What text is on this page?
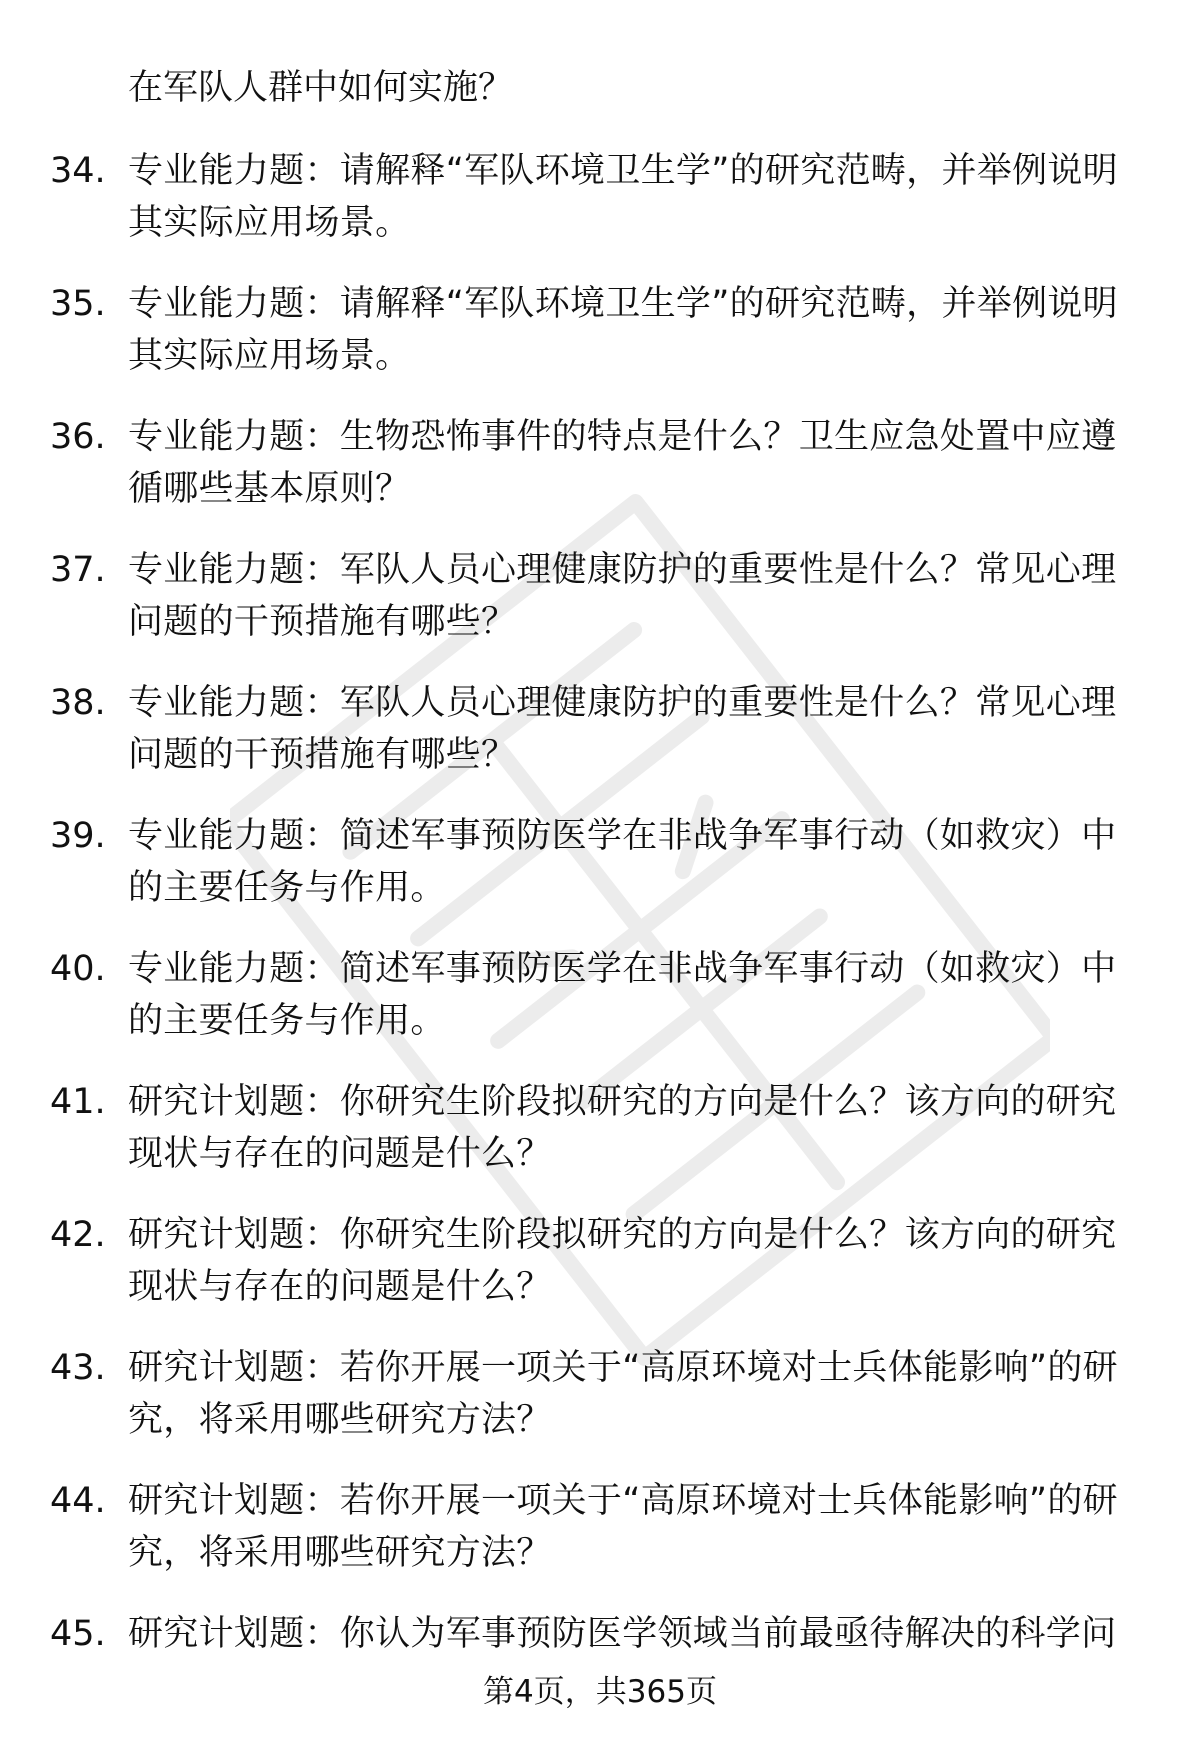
在军队人群中如何实施？
34. 专业能力题：请解释“军队环境卫生学”的研究范畴，并举例说明其实际应用场景。
35. 专业能力题：请解释“军队环境卫生学”的研究范畴，并举例说明其实际应用场景。
36. 专业能力题：生物恐怖事件的特点是什么？卫生应急处置中应遵循哪些基本原则？
37. 专业能力题：军队人员心理健康防护的重要性是什么？常见心理问题的干预措施有哪些？
38. 专业能力题：军队人员心理健康防护的重要性是什么？常见心理问题的干预措施有哪些？
39. 专业能力题：简述军事预防医学在非战争军事行动（如救灾）中的主要任务与作用。
40. 专业能力题：简述军事预防医学在非战争军事行动（如救灾）中的主要任务与作用。
41. 研究计划题：你研究生阶段拟研究的方向是什么？该方向的研究现状与存在的问题是什么？
42. 研究计划题：你研究生阶段拟研究的方向是什么？该方向的研究现状与存在的问题是什么？
43. 研究计划题：若你开展一项关于“高原环境对士兵体能影响”的研究，将采用哪些研究方法？
44. 研究计划题：若你开展一项关于“高原环境对士兵体能影响”的研究，将采用哪些研究方法？
45. 研究计划题：你认为军事预防医学领域当前最亟待解决的科学问
第4页，共365页
